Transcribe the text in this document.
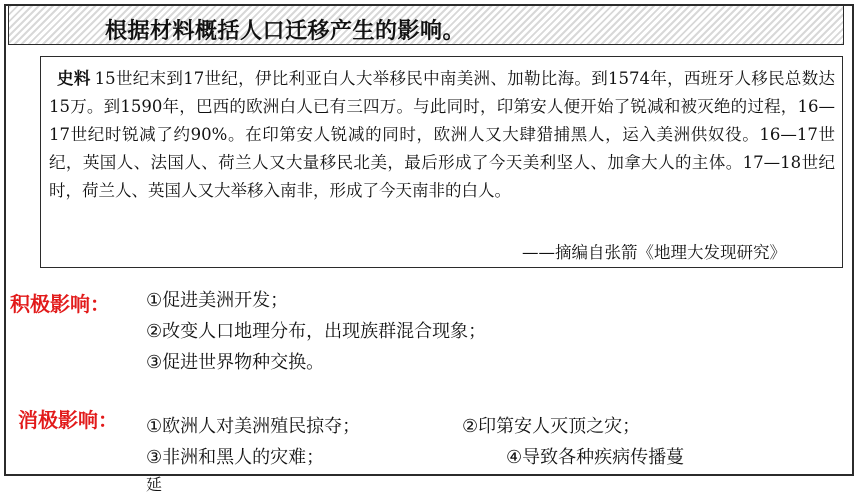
根据材料概括人口迁移产生的影响。
史料 15世纪末到17世纪，伊比利亚白人大举移民中南美洲、加勒比海。到1574年，西班牙人移民总数达15万。到1590年，巴西的欧洲白人已有三四万。与此同时，印第安人便开始了锐减和被灭绝的过程，16—17世纪时锐减了约90%。在印第安人锐减的同时，欧洲人又大肆猎捕黑人，运入美洲供奴役。16—17世纪，英国人、法国人、荷兰人又大量移民北美，最后形成了今天美利坚人、加拿大人的主体。17—18世纪时，荷兰人、英国人又大举移入南非，形成了今天南非的白人。
——摘编自张箭《地理大发现研究》
积极影响： ①促进美洲开发；
②改变人口地理分布，出现族群混合现象；
③促进世界物种交换。
消极影响： ①欧洲人对美洲殖民掠夺；	②印第安人灭顶之灾；
③非洲和黑人的灾难；	④导致各种疾病传播蔓
延
